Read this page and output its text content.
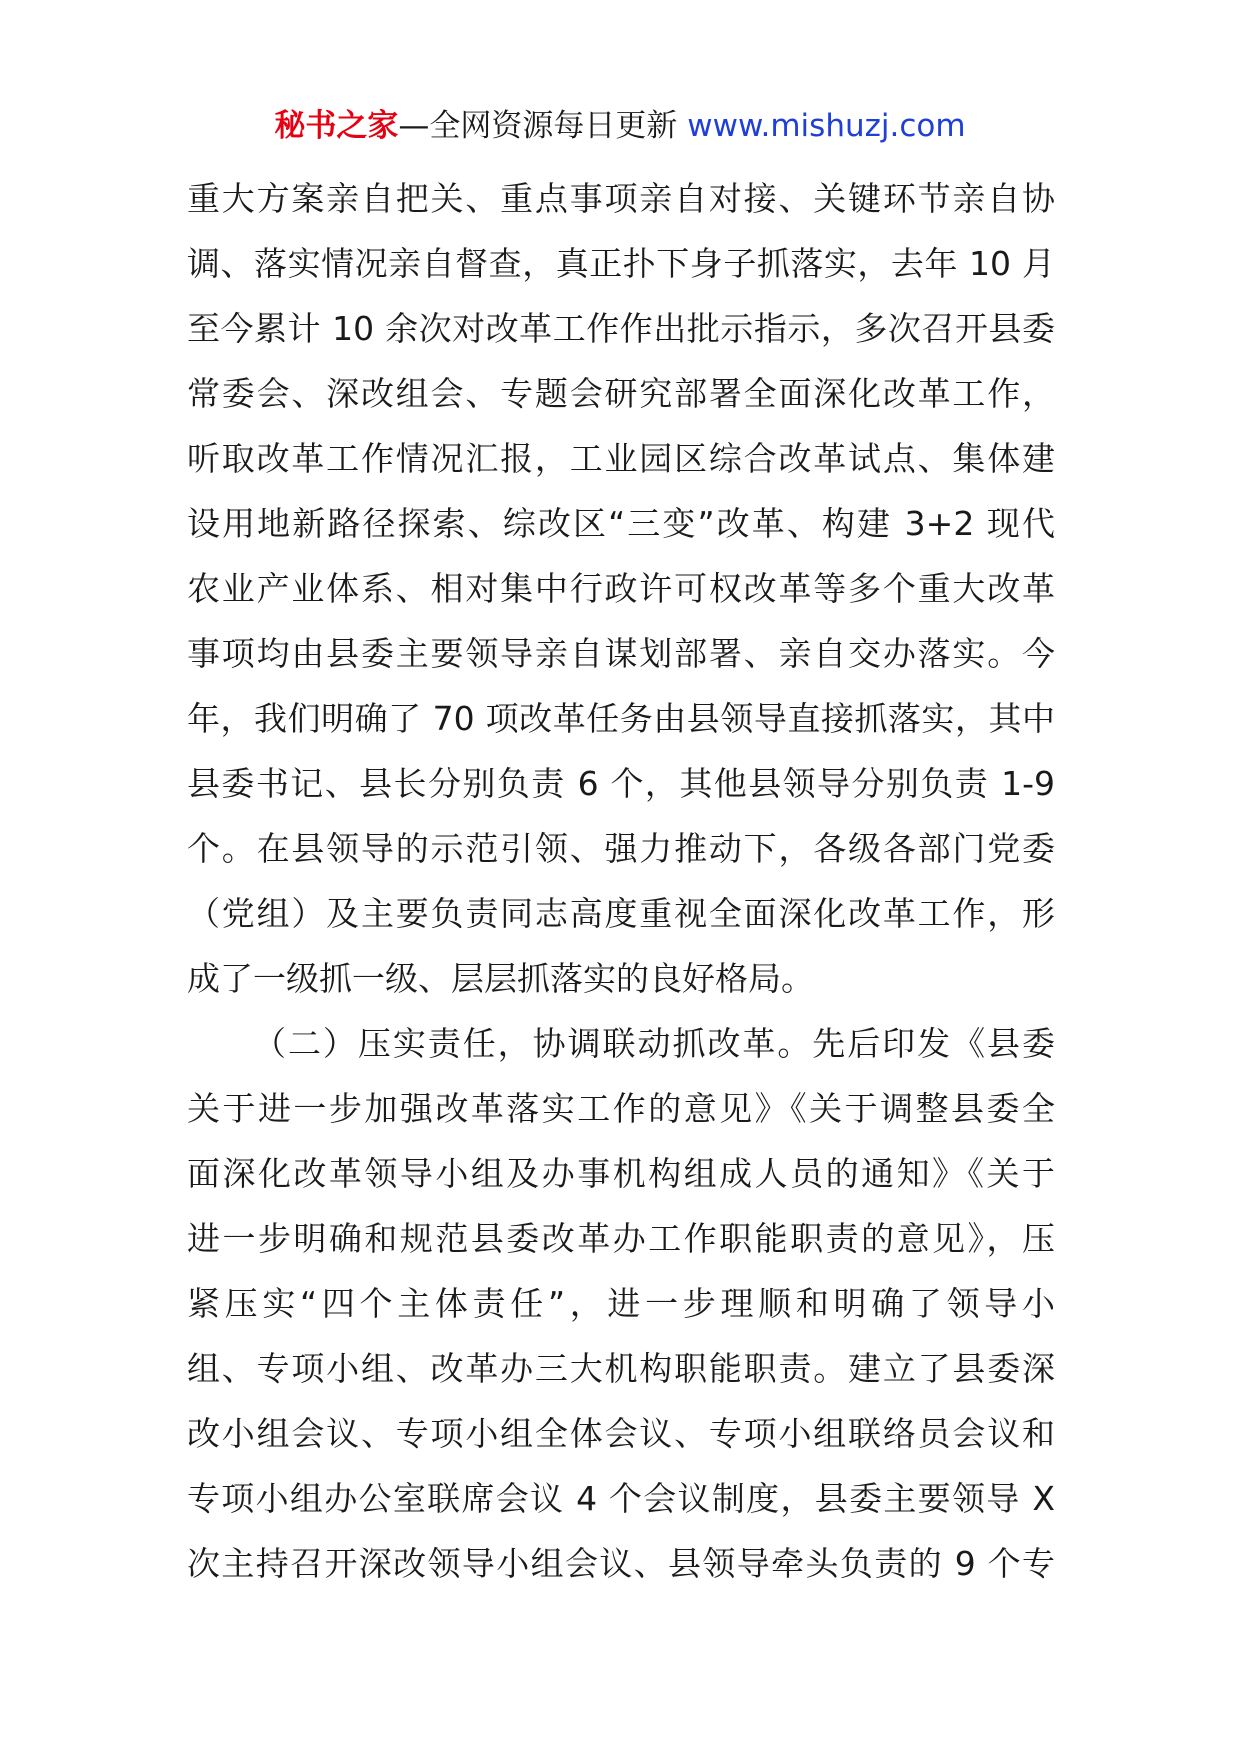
秘书之家—全网资源每日更新 www.mishuzj.com
重大方案亲自把关、重点事项亲自对接、关键环节亲自协
调、落实情况亲自督查，真正扑下身子抓落实，去年 10 月
至今累计 10 余次对改革工作作出批示指示，多次召开县委
常委会、深改组会、专题会研究部署全面深化改革工作，
听取改革工作情况汇报，工业园区综合改革试点、集体建
设用地新路径探索、综改区“三变”改革、构建 3+2 现代
农业产业体系、相对集中行政许可权改革等多个重大改革
事项均由县委主要领导亲自谋划部署、亲自交办落实。今
年，我们明确了 70 项改革任务由县领导直接抓落实，其中
县委书记、县长分别负责 6 个，其他县领导分别负责 1-9
个。在县领导的示范引领、强力推动下，各级各部门党委
（党组）及主要负责同志高度重视全面深化改革工作，形
成了一级抓一级、层层抓落实的良好格局。
（二）压实责任，协调联动抓改革。先后印发《县委
关于进一步加强改革落实工作的意见》《关于调整县委全
面深化改革领导小组及办事机构组成人员的通知》《关于
进一步明确和规范县委改革办工作职能职责的意见》，压
紧压实“四个主体责任”，进一步理顺和明确了领导小
组、专项小组、改革办三大机构职能职责。建立了县委深
改小组会议、专项小组全体会议、专项小组联络员会议和
专项小组办公室联席会议 4 个会议制度，县委主要领导 X
次主持召开深改领导小组会议、县领导牵头负责的 9 个专
